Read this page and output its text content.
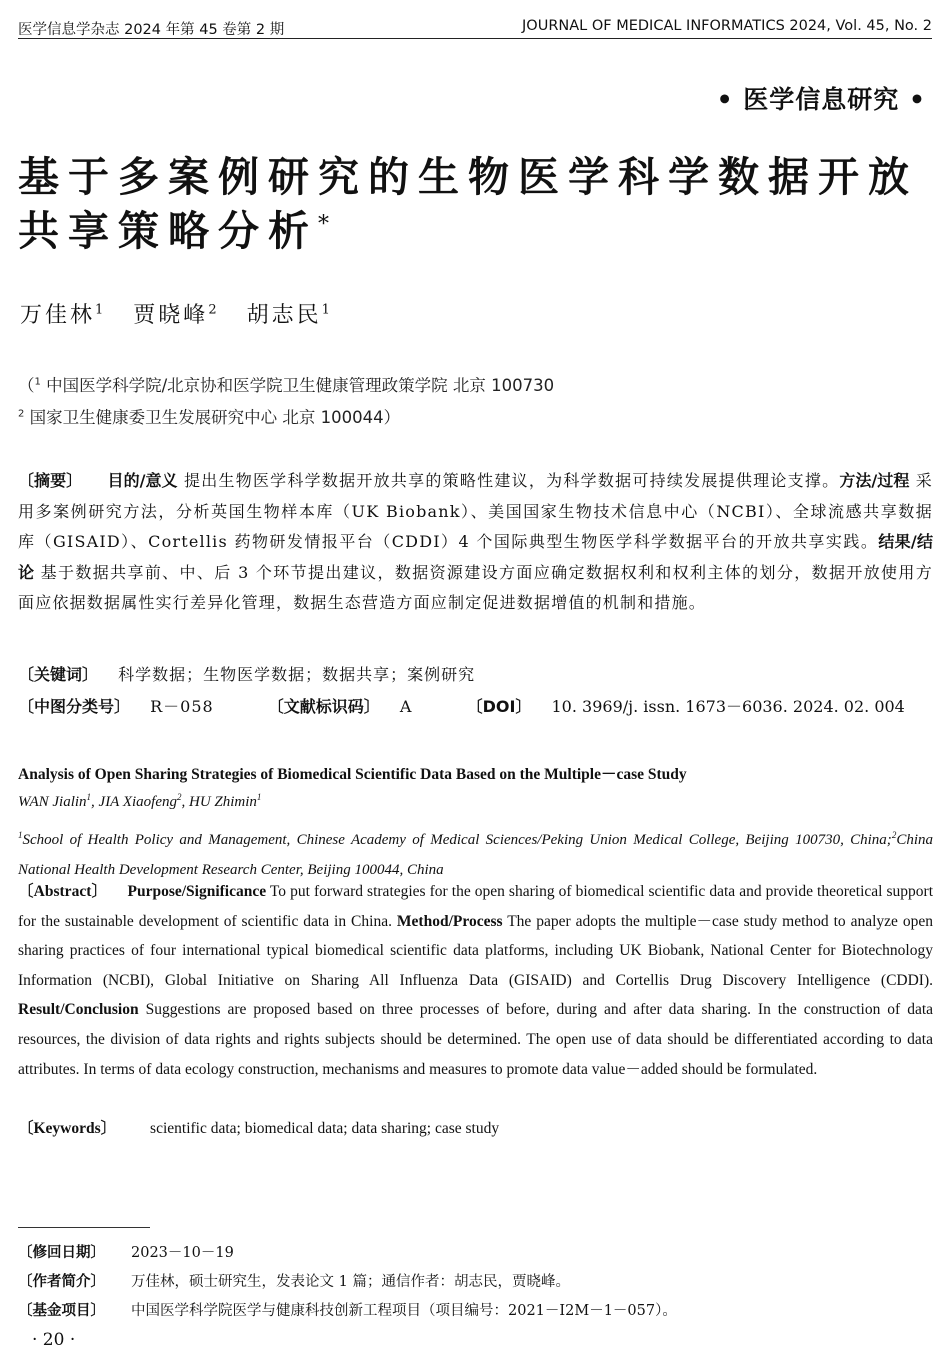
医学信息学杂志 2024 年第 45 卷第 2 期	JOURNAL OF MEDICAL INFORMATICS 2024, Vol. 45, No. 2
• 医学信息研究 •
基于多案例研究的生物医学科学数据开放
共享策略分析*
万佳林$^1$ 贾晓峰$^2$ 胡志民$^1$
（$^1$ 中国医学科学院/北京协和医学院卫生健康管理政策学院 北京 100730
$^2$ 国家卫生健康委卫生发展研究中心 北京 100044）
〔摘要〕 目的/意义 提出生物医学科学数据开放共享的策略性建议，为科学数据可持续发展提供理论支撑。方法/过程 采用多案例研究方法，分析英国生物样本库（UK Biobank）、美国国家生物技术信息中心（NCBI）、全球流感共享数据库（GISAID）、Cortellis 药物研发情报平台（CDDI）4 个国际典型生物医学科学数据平台的开放共享实践。结果/结论 基于数据共享前、中、后 3 个环节提出建议，数据资源建设方面应确定数据权利和权利主体的划分，数据开放使用方面应依据数据属性实行差异化管理，数据生态营造方面应制定促进数据增值的机制和措施。
〔关键词〕 科学数据；生物医学数据；数据共享；案例研究
〔中图分类号〕 R－058	〔文献标识码〕 A	〔DOI〕 10. 3969/j. issn. 1673－6036. 2024. 02. 004
Analysis of Open Sharing Strategies of Biomedical Scientific Data Based on the Multiple－case Study
WAN Jialin$^1$, JIA Xiaofeng$^2$, HU Zhimin$^1$
$^1$School of Health Policy and Management, Chinese Academy of Medical Sciences/Peking Union Medical College, Beijing 100730, China;$^2$China National Health Development Research Center, Beijing 100044, China
〔Abstract〕 Purpose/Significance To put forward strategies for the open sharing of biomedical scientific data and provide theoretical support for the sustainable development of scientific data in China. Method/Process The paper adopts the multiple－case study method to analyze open sharing practices of four international typical biomedical scientific data platforms, including UK Biobank, National Center for Biotechnology Information (NCBI), Global Initiative on Sharing All Influenza Data (GISAID) and Cortellis Drug Discovery Intelligence (CDDI). Result/Conclusion Suggestions are proposed based on three processes of before, during and after data sharing. In the construction of data resources, the division of data rights and rights subjects should be determined. The open use of data should be differentiated according to data attributes. In terms of data ecology construction, mechanisms and measures to promote data value－added should be formulated.
〔Keywords〕 scientific data; biomedical data; data sharing; case study
〔修回日期〕	2023－10－19
〔作者简介〕	万佳林，硕士研究生，发表论文 1 篇；通信作者：胡志民，贾晓峰。
〔基金项目〕	中国医学科学院医学与健康科技创新工程项目（项目编号：2021－I2M－1－057）。
· 20 ·
